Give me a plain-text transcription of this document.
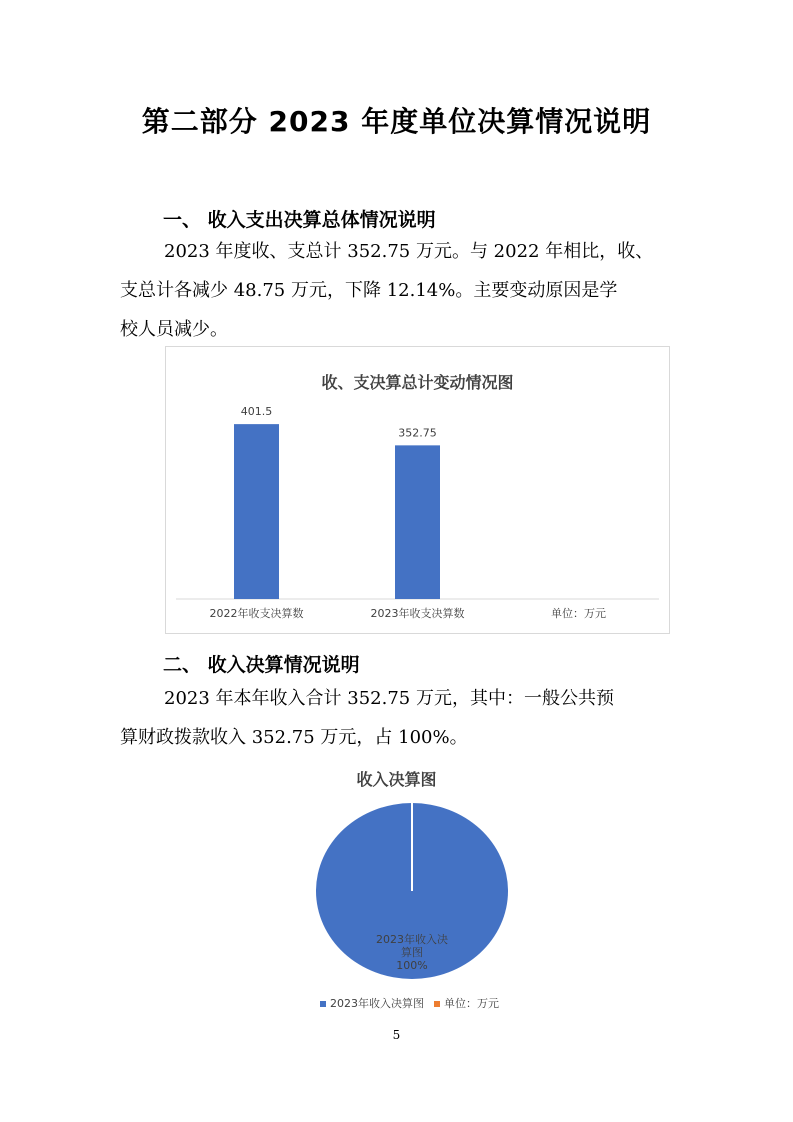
第二部分 2023 年度单位决算情况说明
一、 收入支出决算总体情况说明
2023 年度收、支总计 352.75 万元。与 2022 年相比，收、
支总计各减少 48.75 万元，下降 12.14%。主要变动原因是学
校人员减少。
收、支决算总计变动情况图
401.5
2022年收支决算数
352.75
2023年收支决算数	单位：万元
二、 收入决算情况说明
2023 年本年收入合计 352.75 万元，其中：一般公共预
算财政拨款收入 352.75 万元，占 100%。
收入决算图
2023年收入决
算图
100%
2023年收入决算图	单位：万元
5
